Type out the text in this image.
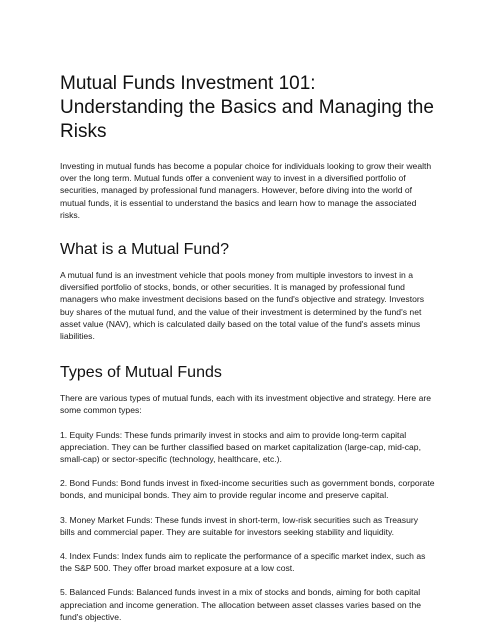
Mutual Funds Investment 101: Understanding the Basics and Managing the Risks

Investing in mutual funds has become a popular choice for individuals looking to grow their wealth over the long term. Mutual funds offer a convenient way to invest in a diversified portfolio of securities, managed by professional fund managers. However, before diving into the world of mutual funds, it is essential to understand the basics and learn how to manage the associated risks.

What is a Mutual Fund?

A mutual fund is an investment vehicle that pools money from multiple investors to invest in a diversified portfolio of stocks, bonds, or other securities. It is managed by professional fund managers who make investment decisions based on the fund's objective and strategy. Investors buy shares of the mutual fund, and the value of their investment is determined by the fund's net asset value (NAV), which is calculated daily based on the total value of the fund's assets minus liabilities.

Types of Mutual Funds

There are various types of mutual funds, each with its investment objective and strategy. Here are some common types:

1. Equity Funds: These funds primarily invest in stocks and aim to provide long-term capital appreciation. They can be further classified based on market capitalization (large-cap, mid-cap, small-cap) or sector-specific (technology, healthcare, etc.).

2. Bond Funds: Bond funds invest in fixed-income securities such as government bonds, corporate bonds, and municipal bonds. They aim to provide regular income and preserve capital.

3. Money Market Funds: These funds invest in short-term, low-risk securities such as Treasury bills and commercial paper. They are suitable for investors seeking stability and liquidity.

4. Index Funds: Index funds aim to replicate the performance of a specific market index, such as the S&P 500. They offer broad market exposure at a low cost.

5. Balanced Funds: Balanced funds invest in a mix of stocks and bonds, aiming for both capital appreciation and income generation. The allocation between asset classes varies based on the fund's objective.
